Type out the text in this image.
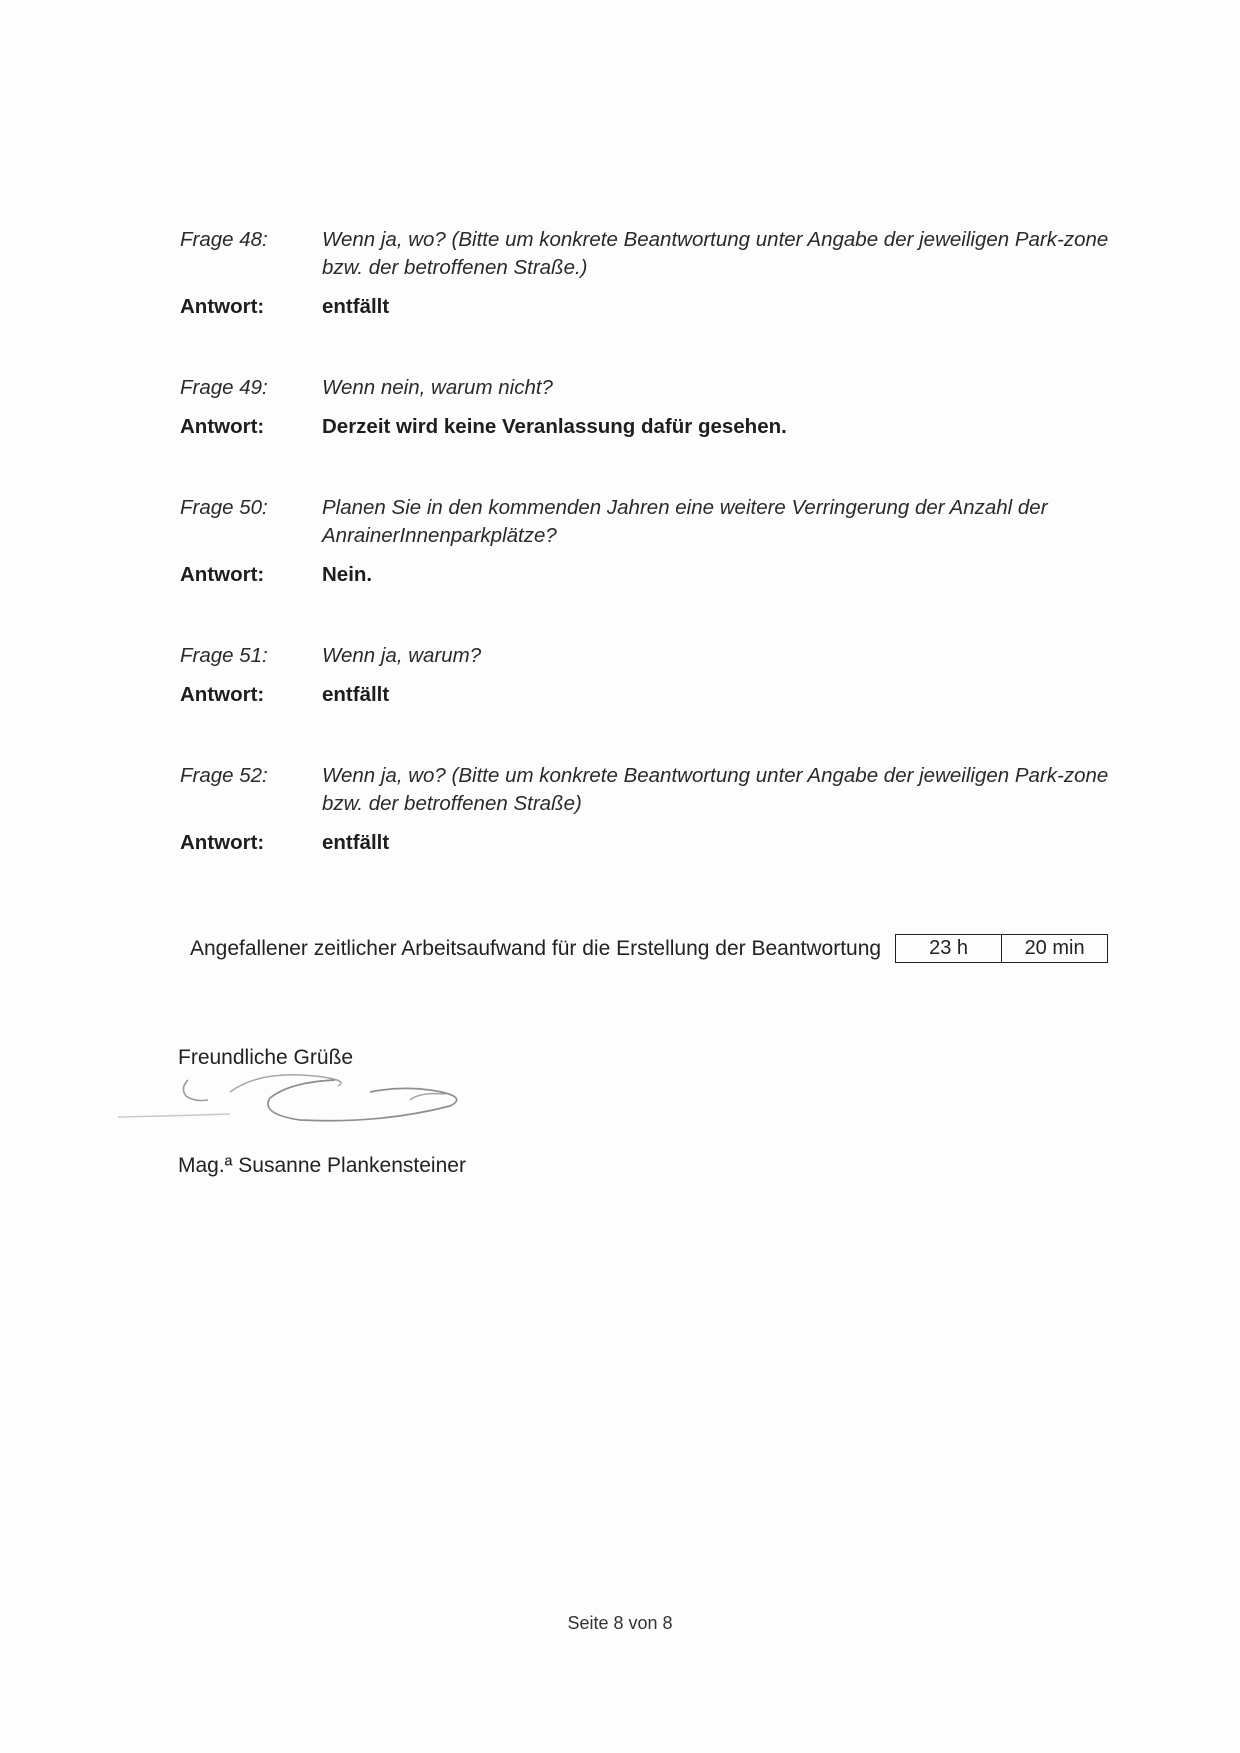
Frage 48:	Wenn ja, wo? (Bitte um konkrete Beantwortung unter Angabe der jeweiligen Park-zone bzw. der betroffenen Straße.)
Antwort:	entfällt
Frage 49:	Wenn nein, warum nicht?
Antwort:	Derzeit wird keine Veranlassung dafür gesehen.
Frage 50:	Planen Sie in den kommenden Jahren eine weitere Verringerung der Anzahl der AnrainerInnenparkplätze?
Antwort:	Nein.
Frage 51:	Wenn ja, warum?
Antwort:	entfällt
Frage 52:	Wenn ja, wo? (Bitte um konkrete Beantwortung unter Angabe der jeweiligen Park-zone bzw. der betroffenen Straße)
Antwort:	entfällt
Angefallener zeitlicher Arbeitsaufwand für die Erstellung der Beantwortung	23 h	20 min
Freundliche Grüße
Mag.ª Susanne Plankensteiner
Seite 8 von 8
